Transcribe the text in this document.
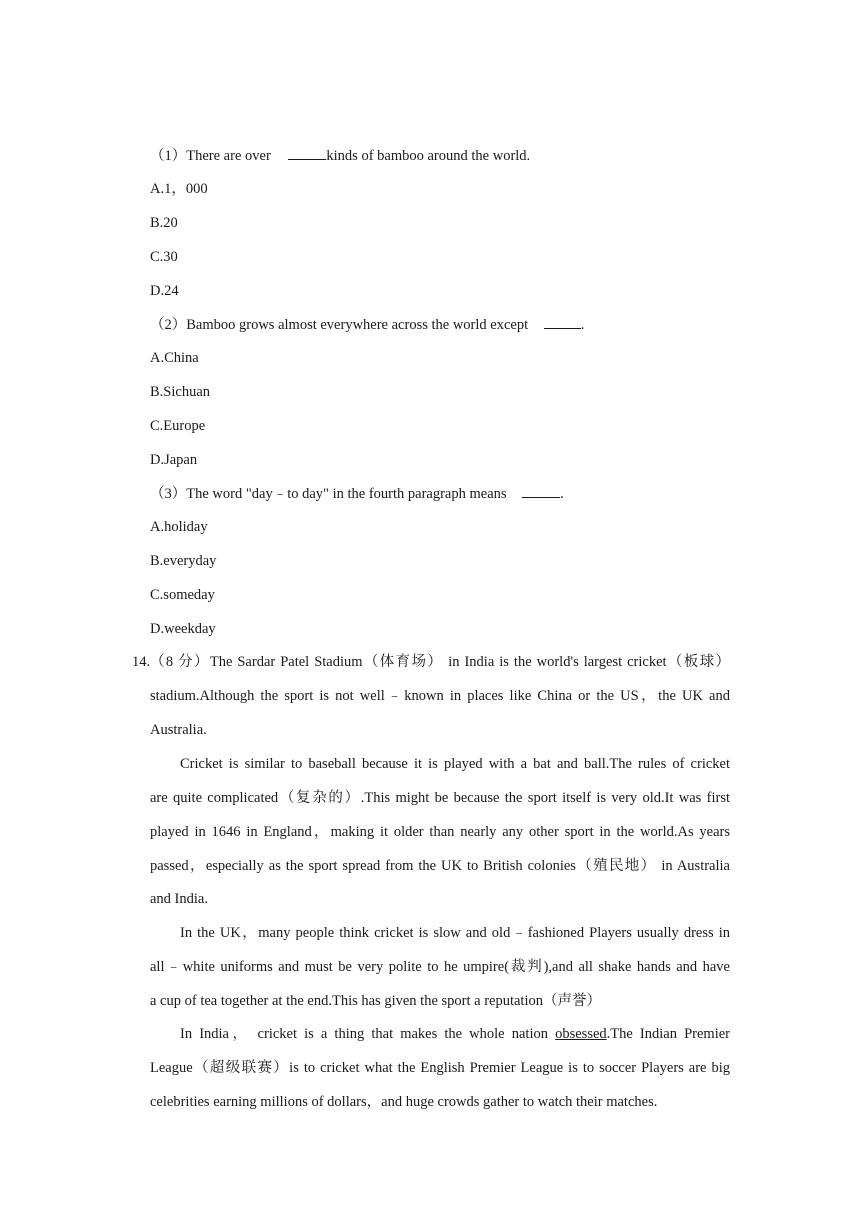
（1）There are over	kinds of bamboo around the world.
A.1，000
B.20
C.30
D.24
（2）Bamboo grows almost everywhere across the world except	.
A.China
B.Sichuan
C.Europe
D.Japan
（3）The word "day﹣to day" in the fourth paragraph means	.
A.holiday
B.everyday
C.someday
D.weekday
14. （8 分）The Sardar Patel Stadium（体育场） in India is the world's largest cricket（板球）
stadium.Although the sport is not well﹣known in places like China or the US，the UK and
Australia.
Cricket is similar to baseball because it is played with a bat and ball.The rules of cricket
are quite complicated（复杂的）.This might be because the sport itself is very old.It was first
played in 1646 in England，making it older than nearly any other sport in the world.As years
passed，especially as the sport spread from the UK to British colonies（殖民地） in Australia
and India.
In the UK，many people think cricket is slow and old﹣fashioned Players usually dress in
all﹣white uniforms and must be very polite to he umpire(裁判),and all shake hands and have
a cup of tea together at the end.This has given the sport a reputation（声誉）
In India， cricket is a thing that makes the whole nation obsessed.The Indian Premier
League（超级联赛）is to cricket what the English Premier League is to soccer Players are big
celebrities earning millions of dollars，and huge crowds gather to watch their matches.
